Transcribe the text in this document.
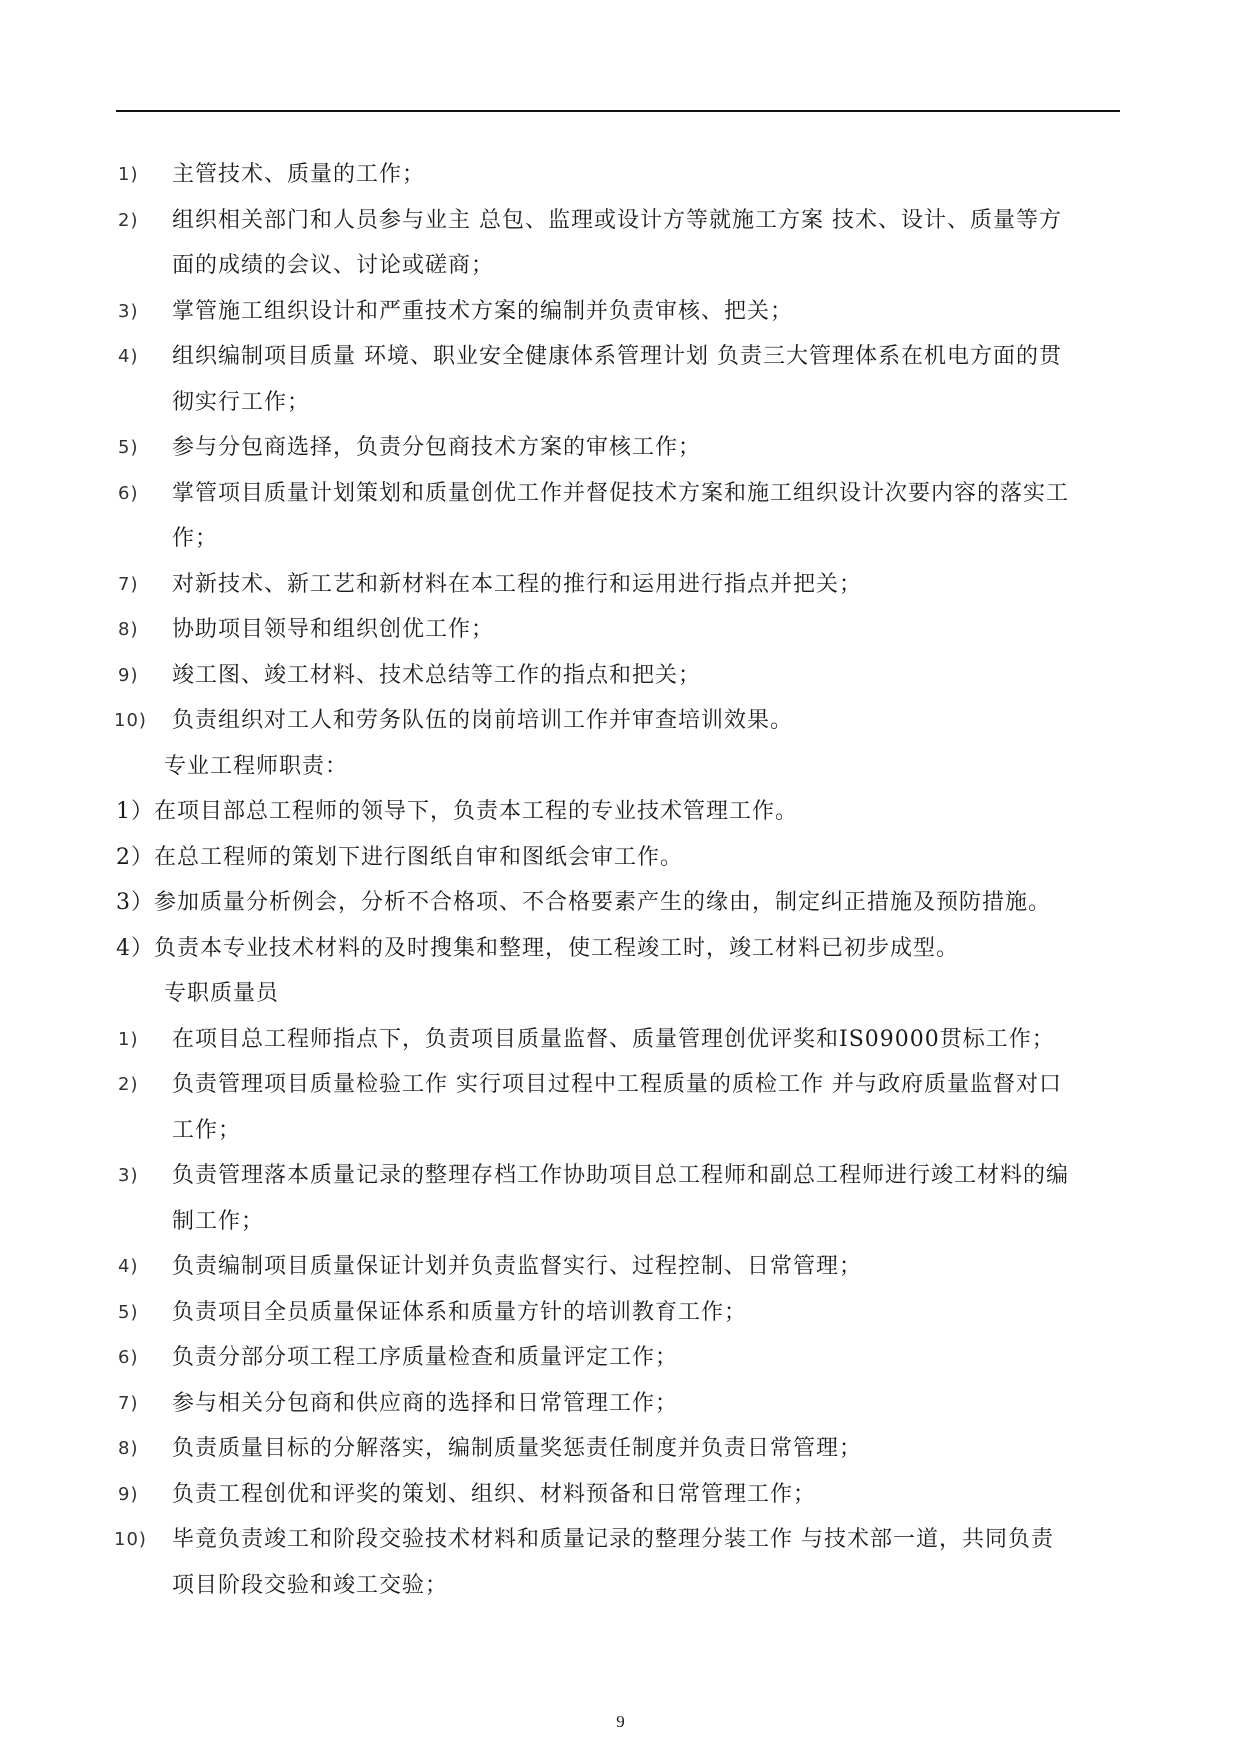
1) 主管技术、质量的工作；
2) 组织相关部门和人员参与业主 总包、监理或设计方等就施工方案 技术、设计、质量等方
面的成绩的会议、讨论或磋商；
3) 掌管施工组织设计和严重技术方案的编制并负责审核、把关；
4) 组织编制项目质量 环境、职业安全健康体系管理计划 负责三大管理体系在机电方面的贯
彻实行工作；
5) 参与分包商选择，负责分包商技术方案的审核工作；
6) 掌管项目质量计划策划和质量创优工作并督促技术方案和施工组织设计次要内容的落实工
作；
7) 对新技术、新工艺和新材料在本工程的推行和运用进行指点并把关；
8) 协助项目领导和组织创优工作；
9) 竣工图、竣工材料、技术总结等工作的指点和把关；
10) 负责组织对工人和劳务队伍的岗前培训工作并审查培训效果。
专业工程师职责：
1）在项目部总工程师的领导下，负责本工程的专业技术管理工作。
2）在总工程师的策划下进行图纸自审和图纸会审工作。
3）参加质量分析例会，分析不合格项、不合格要素产生的缘由，制定纠正措施及预防措施。
4）负责本专业技术材料的及时搜集和整理，使工程竣工时，竣工材料已初步成型。
专职质量员
1) 在项目总工程师指点下，负责项目质量监督、质量管理创优评奖和IS09000贯标工作；
2) 负责管理项目质量检验工作 实行项目过程中工程质量的质检工作 并与政府质量监督对口
工作；
3) 负责管理落本质量记录的整理存档工作协助项目总工程师和副总工程师进行竣工材料的编
制工作；
4) 负责编制项目质量保证计划并负责监督实行、过程控制、日常管理；
5) 负责项目全员质量保证体系和质量方针的培训教育工作；
6) 负责分部分项工程工序质量检查和质量评定工作；
7) 参与相关分包商和供应商的选择和日常管理工作；
8) 负责质量目标的分解落实，编制质量奖惩责任制度并负责日常管理；
9) 负责工程创优和评奖的策划、组织、材料预备和日常管理工作；
10) 毕竟负责竣工和阶段交验技术材料和质量记录的整理分装工作 与技术部一道，共同负责
项目阶段交验和竣工交验；
9
